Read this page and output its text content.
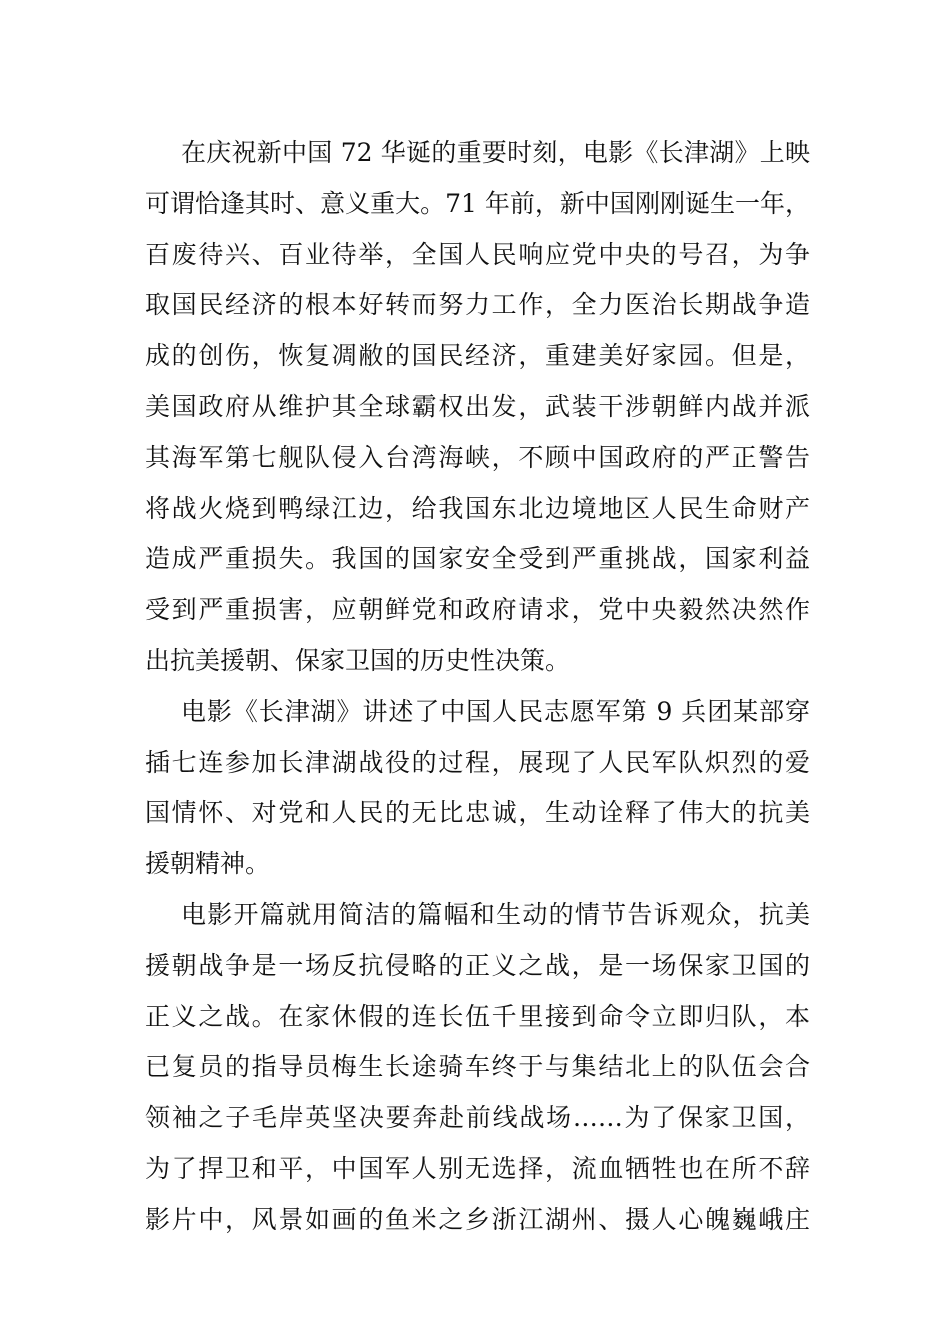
在庆祝新中国 72 华诞的重要时刻，电影《长津湖》上映
可谓恰逢其时、意义重大。71 年前，新中国刚刚诞生一年，
百废待兴、百业待举，全国人民响应党中央的号召，为争
取国民经济的根本好转而努力工作，全力医治长期战争造
成的创伤，恢复凋敝的国民经济，重建美好家园。但是，
美国政府从维护其全球霸权出发，武装干涉朝鲜内战并派
其海军第七舰队侵入台湾海峡，不顾中国政府的严正警告
将战火烧到鸭绿江边，给我国东北边境地区人民生命财产
造成严重损失。我国的国家安全受到严重挑战，国家利益
受到严重损害，应朝鲜党和政府请求，党中央毅然决然作
出抗美援朝、保家卫国的历史性决策。
电影《长津湖》讲述了中国人民志愿军第 9 兵团某部穿
插七连参加长津湖战役的过程，展现了人民军队炽烈的爱
国情怀、对党和人民的无比忠诚，生动诠释了伟大的抗美
援朝精神。
电影开篇就用简洁的篇幅和生动的情节告诉观众，抗美
援朝战争是一场反抗侵略的正义之战，是一场保家卫国的
正义之战。在家休假的连长伍千里接到命令立即归队，本
已复员的指导员梅生长途骑车终于与集结北上的队伍会合
领袖之子毛岸英坚决要奔赴前线战场……为了保家卫国，
为了捍卫和平，中国军人别无选择，流血牺牲也在所不辞
影片中，风景如画的鱼米之乡浙江湖州、摄人心魄巍峨庄
